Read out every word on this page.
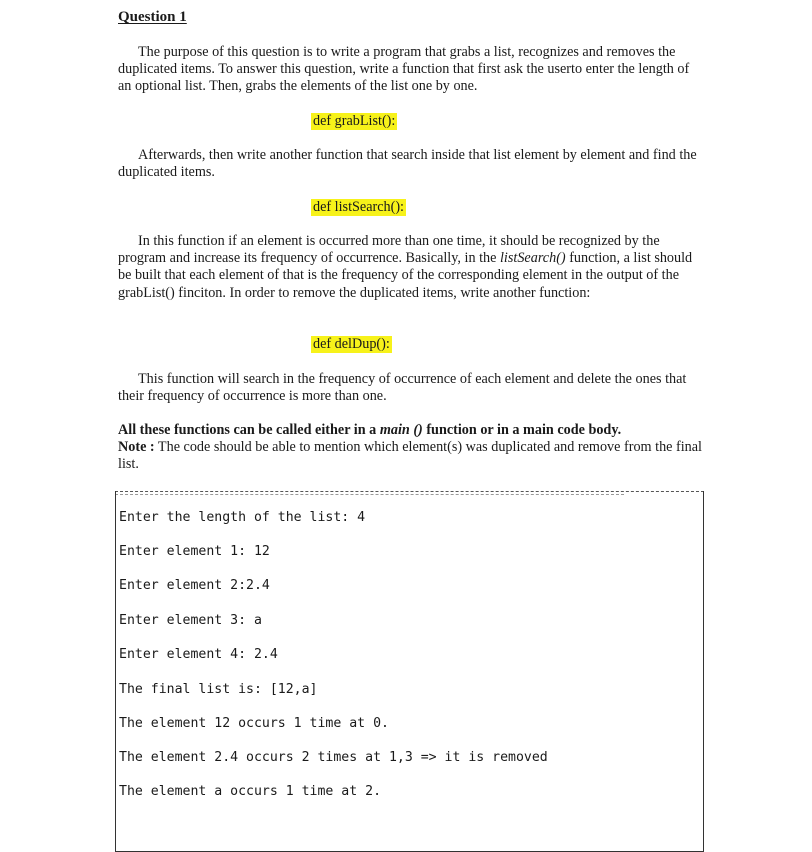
Question 1

The purpose of this question is to write a program that grabs a list, recognizes and removes the duplicated items. To answer this question, write a function that first ask the userto enter the length of an optional list. Then, grabs the elements of the list one by one.

def grabList():

Afterwards, then write another function that search inside that list element by element and find the duplicated items.

def listSearch():

In this function if an element is occurred more than one time, it should be recognized by the program and increase its frequency of occurrence. Basically, in the listSearch() function, a list should be built that each element of that is the frequency of the corresponding element in the output of the grabList() finciton. In order to remove the duplicated items, write another function:

def delDup():

This function will search in the frequency of occurrence of each element and delete the ones that their frequency of occurrence is more than one.

All these functions can be called either in a main () function or in a main code body.
Note : The code should be able to mention which element(s) was duplicated and remove from the final list.

Enter the length of the list: 4
Enter element 1: 12
Enter element 2:2.4
Enter element 3: a
Enter element 4: 2.4
The final list is: [12,a]
The element 12 occurs 1 time at 0.
The element 2.4 occurs 2 times at 1,3 => it is removed
The element a occurs 1 time at 2.
